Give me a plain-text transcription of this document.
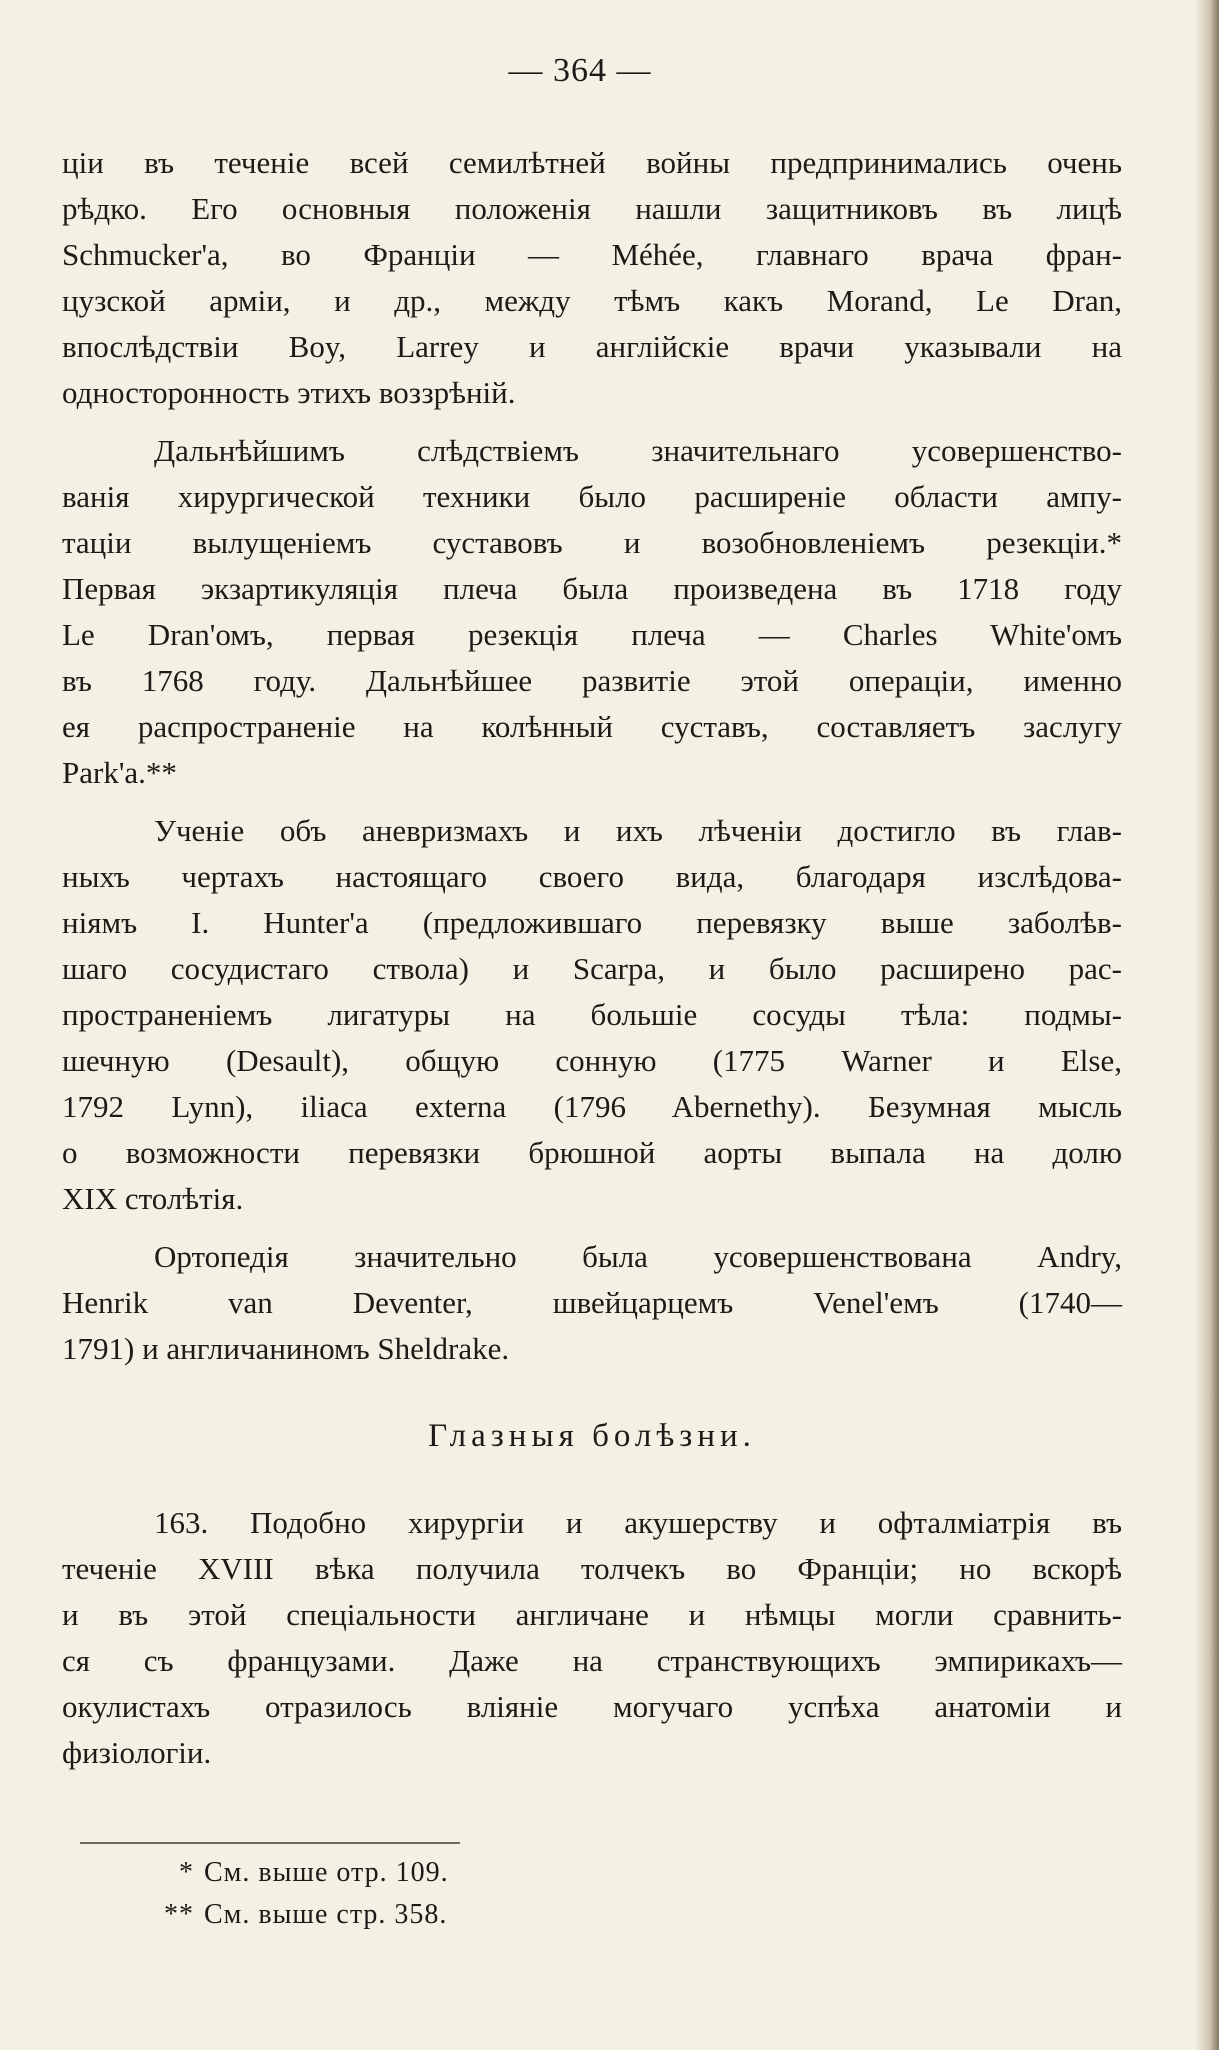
— 364 —
ціи въ теченіе всей семилѣтней войны предпринимались очень
рѣдко. Его основныя положенія нашли защитниковъ въ лицѣ
Schmucker'a, во Франціи — Méhée, главнаго врача фран-
цузской арміи, и др., между тѣмъ какъ Morand, Le Dran,
впослѣдствіи Boy, Larrey и англійскіе врачи указывали на
односторонность этихъ воззрѣній.
Дальнѣйшимъ слѣдствіемъ значительнаго усовершенство-
ванія хирургической техники было расширеніе области ампу-
таціи вылущеніемъ суставовъ и возобновленіемъ резекціи.*
Первая экзартикуляція плеча была произведена въ 1718 году
Le Dran'омъ, первая резекція плеча — Charles White'омъ
въ 1768 году. Дальнѣйшее развитіе этой операціи, именно
ея распространеніе на колѣнный суставъ, составляетъ заслугу
Park'a.**
Ученіе объ аневризмахъ и ихъ лѣченіи достигло въ глав-
ныхъ чертахъ настоящаго своего вида, благодаря изслѣдова-
ніямъ I. Hunter'a (предложившаго перевязку выше заболѣв-
шаго сосудистаго ствола) и Scarpa, и было расширено рас-
пространеніемъ лигатуры на большіе сосуды тѣла: подмы-
шечную (Desault), общую сонную (1775 Warner и Else,
1792 Lynn), iliaca externa (1796 Abernethy). Безумная мысль
о возможности перевязки брюшной аорты выпала на долю
XIX столѣтія.
Ортопедія значительно была усовершенствована Andry,
Henrik van Deventer, швейцарцемъ Venel'емъ (1740—
1791) и англичаниномъ Sheldrake.
Глазныя болѣзни.
163. Подобно хирургіи и акушерству и офталміатрія въ
теченіе XVIII вѣка получила толчекъ во Франціи; но вскорѣ
и въ этой спеціальности англичане и нѣмцы могли сравнить-
ся съ французами. Даже на странствующихъ эмпирикахъ—
окулистахъ отразилось вліяніе могучаго успѣха анатоміи и
физіологіи.
* См. выше отр. 109.
** См. выше стр. 358.
